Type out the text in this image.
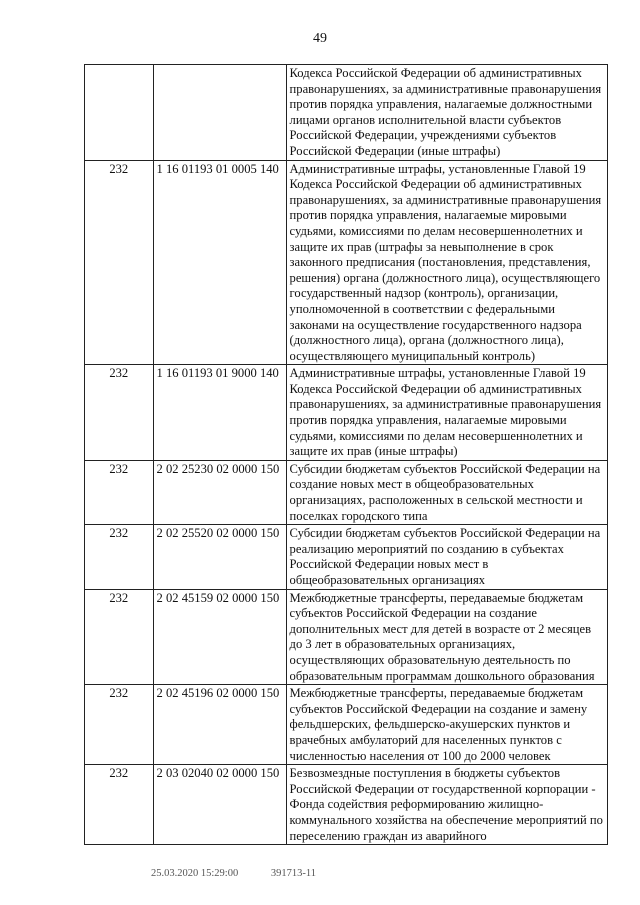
49
		Кодекса Российской Федерации об административных правонарушениях, за административные правонарушения против порядка управления, налагаемые должностными лицами органов исполнительной власти субъектов Российской Федерации, учреждениями субъектов Российской Федерации (иные штрафы)
232	1 16 01193 01 0005 140	Административные штрафы, установленные Главой 19 Кодекса Российской Федерации об административных правонарушениях, за административные правонарушения против порядка управления, налагаемые мировыми судьями, комиссиями по делам несовершеннолетних и защите их прав (штрафы за невыполнение в срок законного предписания (постановления, представления, решения) органа (должностного лица), осуществляющего государственный надзор (контроль), организации, уполномоченной в соответствии с федеральными законами на осуществление государственного надзора (должностного лица), органа (должностного лица), осуществляющего муниципальный контроль)
232	1 16 01193 01 9000 140	Административные штрафы, установленные Главой 19 Кодекса Российской Федерации об административных правонарушениях, за административные правонарушения против порядка управления, налагаемые мировыми судьями, комиссиями по делам несовершеннолетних и защите их прав (иные штрафы)
232	2 02 25230 02 0000 150	Субсидии бюджетам субъектов Российской Федерации на создание новых мест в общеобразовательных организациях, расположенных в сельской местности и поселках городского типа
232	2 02 25520 02 0000 150	Субсидии бюджетам субъектов Российской Федерации на реализацию мероприятий по созданию в субъектах Российской Федерации новых мест в общеобразовательных организациях
232	2 02 45159 02 0000 150	Межбюджетные трансферты, передаваемые бюджетам субъектов Российской Федерации на создание дополнительных мест для детей в возрасте от 2 месяцев до 3 лет в образовательных организациях, осуществляющих образовательную деятельность по образовательным программам дошкольного образования
232	2 02 45196 02 0000 150	Межбюджетные трансферты, передаваемые бюджетам субъектов Российской Федерации на создание и замену фельдшерских, фельдшерско-акушерских пунктов и врачебных амбулаторий для населенных пунктов с численностью населения от 100 до 2000 человек
232	2 03 02040 02 0000 150	Безвозмездные поступления в бюджеты субъектов Российской Федерации от государственной корпорации - Фонда содействия реформированию жилищно-коммунального хозяйства на обеспечение мероприятий по переселению граждан из аварийного
25.03.2020 15:29:00	391713-11
